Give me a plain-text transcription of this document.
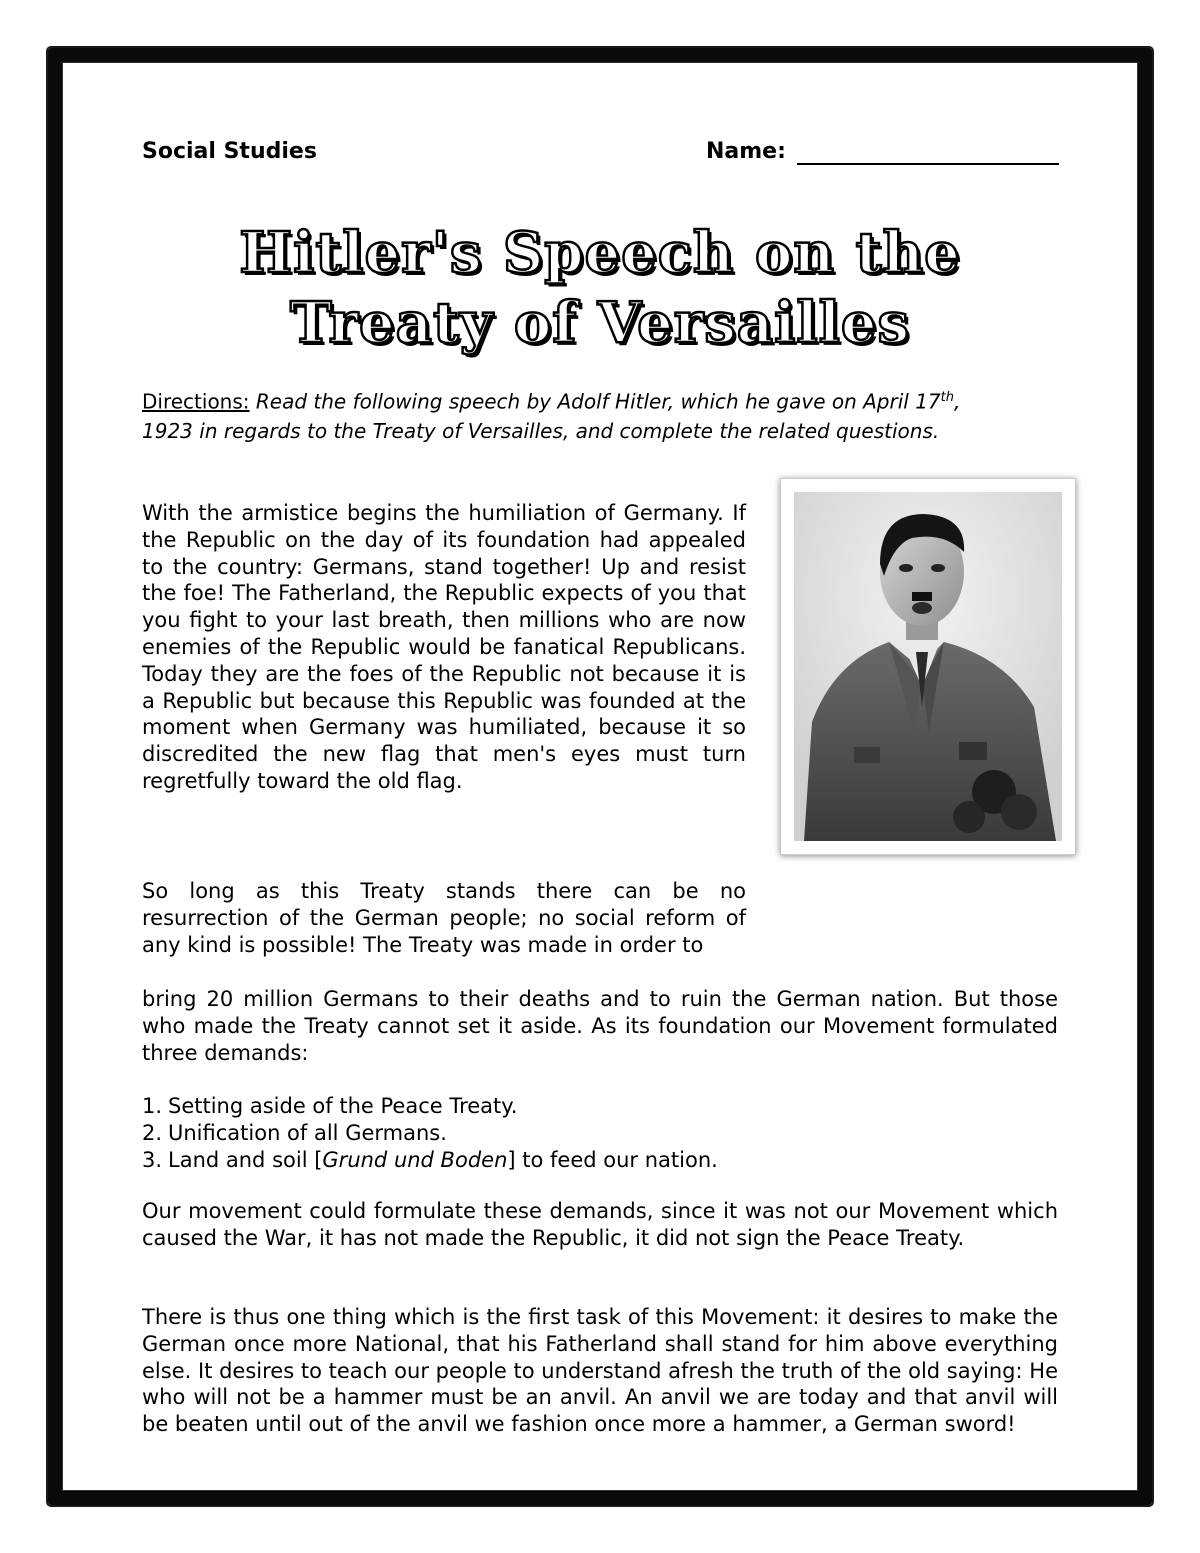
Social Studies	Name:
Hitler's Speech on the
Treaty of Versailles
Directions: Read the following speech by Adolf Hitler, which he gave on April 17th, 1923 in regards to the Treaty of Versailles, and complete the related questions.

With the armistice begins the humiliation of Germany. If the Republic on the day of its foundation had appealed to the country: Germans, stand together! Up and resist the foe! The Fatherland, the Republic expects of you that you fight to your last breath, then millions who are now enemies of the Republic would be fanatical Republicans. Today they are the foes of the Republic not because it is a Republic but because this Republic was founded at the moment when Germany was humiliated, because it so discredited the new flag that men's eyes must turn regretfully toward the old flag.

So long as this Treaty stands there can be no resurrection of the German people; no social reform of any kind is possible! The Treaty was made in order to

bring 20 million Germans to their deaths and to ruin the German nation. But those who made the Treaty cannot set it aside. As its foundation our Movement formulated three demands:

1. Setting aside of the Peace Treaty.
2. Unification of all Germans.
3. Land and soil [Grund und Boden] to feed our nation.

Our movement could formulate these demands, since it was not our Movement which caused the War, it has not made the Republic, it did not sign the Peace Treaty.

There is thus one thing which is the first task of this Movement: it desires to make the German once more National, that his Fatherland shall stand for him above everything else. It desires to teach our people to understand afresh the truth of the old saying: He who will not be a hammer must be an anvil. An anvil we are today and that anvil will be beaten until out of the anvil we fashion once more a hammer, a German sword!
